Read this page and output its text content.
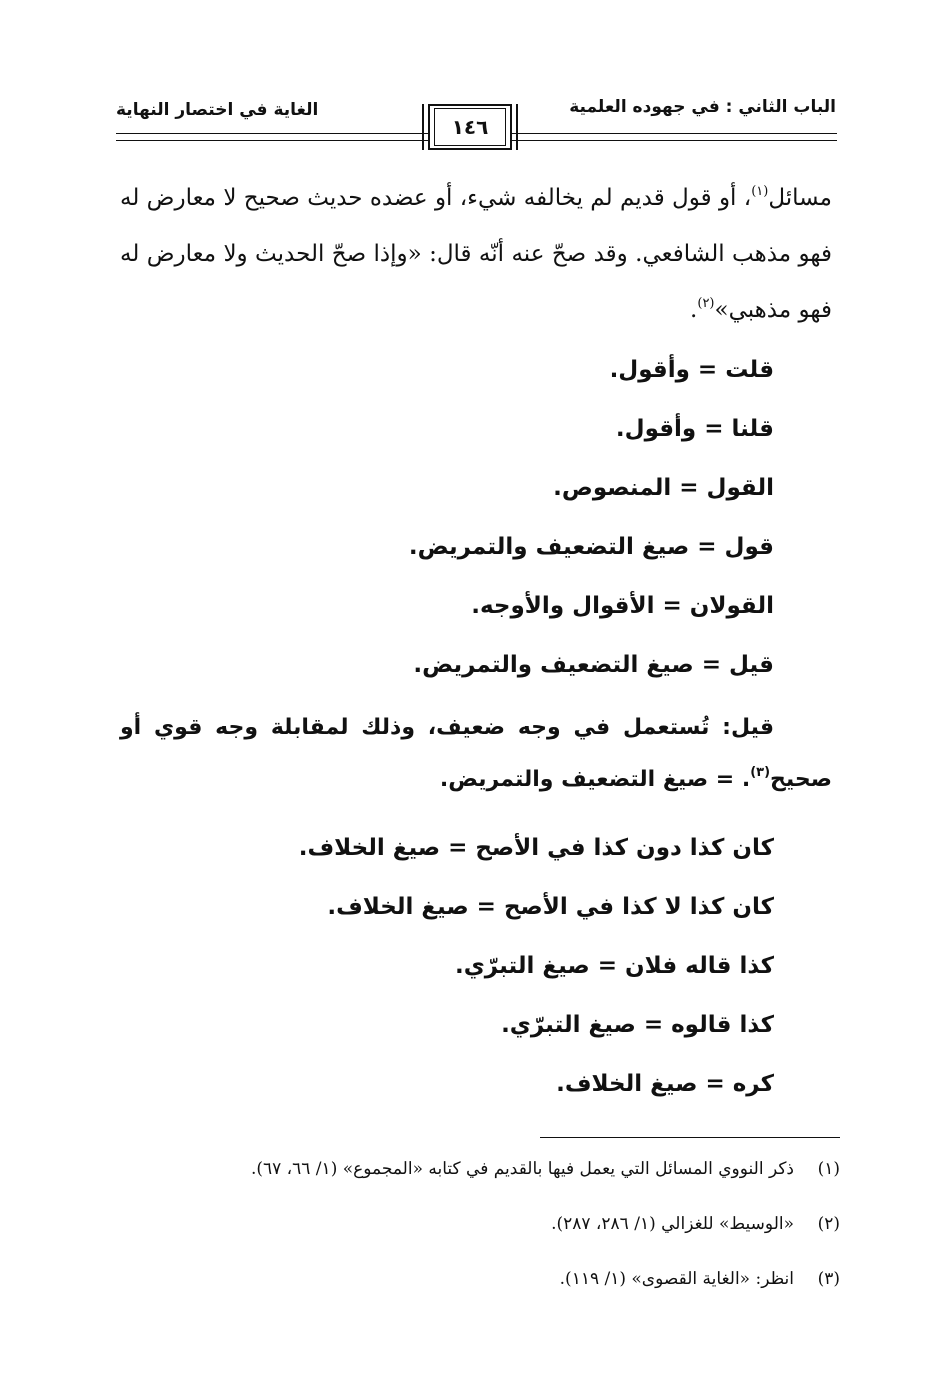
الباب الثاني : في جهوده العلمية
الغاية في اختصار النهاية
١٤٦
مسائل$^{(١)}$، أو قول قديم لم يخالفه شيء، أو عضده حديث صحيح لا معارض له فهو مذهب الشافعي. وقد صحّ عنه أنّه قال: «وإذا صحّ الحديث ولا معارض له فهو مذهبي»$^{(٢)}$.
قلت = وأقول.
قلنا = وأقول.
القول = المنصوص.
قول = صيغ التضعيف والتمريض.
القولان = الأقوال والأوجه.
قيل = صيغ التضعيف والتمريض.
قيل: تُستعمل في وجه ضعيف، وذلك لمقابلة وجه قوي أو صحيح$^{(٣)}$. = صيغ التضعيف والتمريض.
كان كذا دون كذا في الأصح = صيغ الخلاف.
كان كذا لا كذا في الأصح = صيغ الخلاف.
كذا قاله فلان = صيغ التبرّي.
كذا قالوه = صيغ التبرّي.
كره = صيغ الخلاف.
(١)ذكر النووي المسائل التي يعمل فيها بالقديم في كتابه «المجموع» (١/ ٦٦، ٦٧).
(٢)«الوسيط» للغزالي (١/ ٢٨٦، ٢٨٧).
(٣)انظر: «الغاية القصوى» (١/ ١١٩).
